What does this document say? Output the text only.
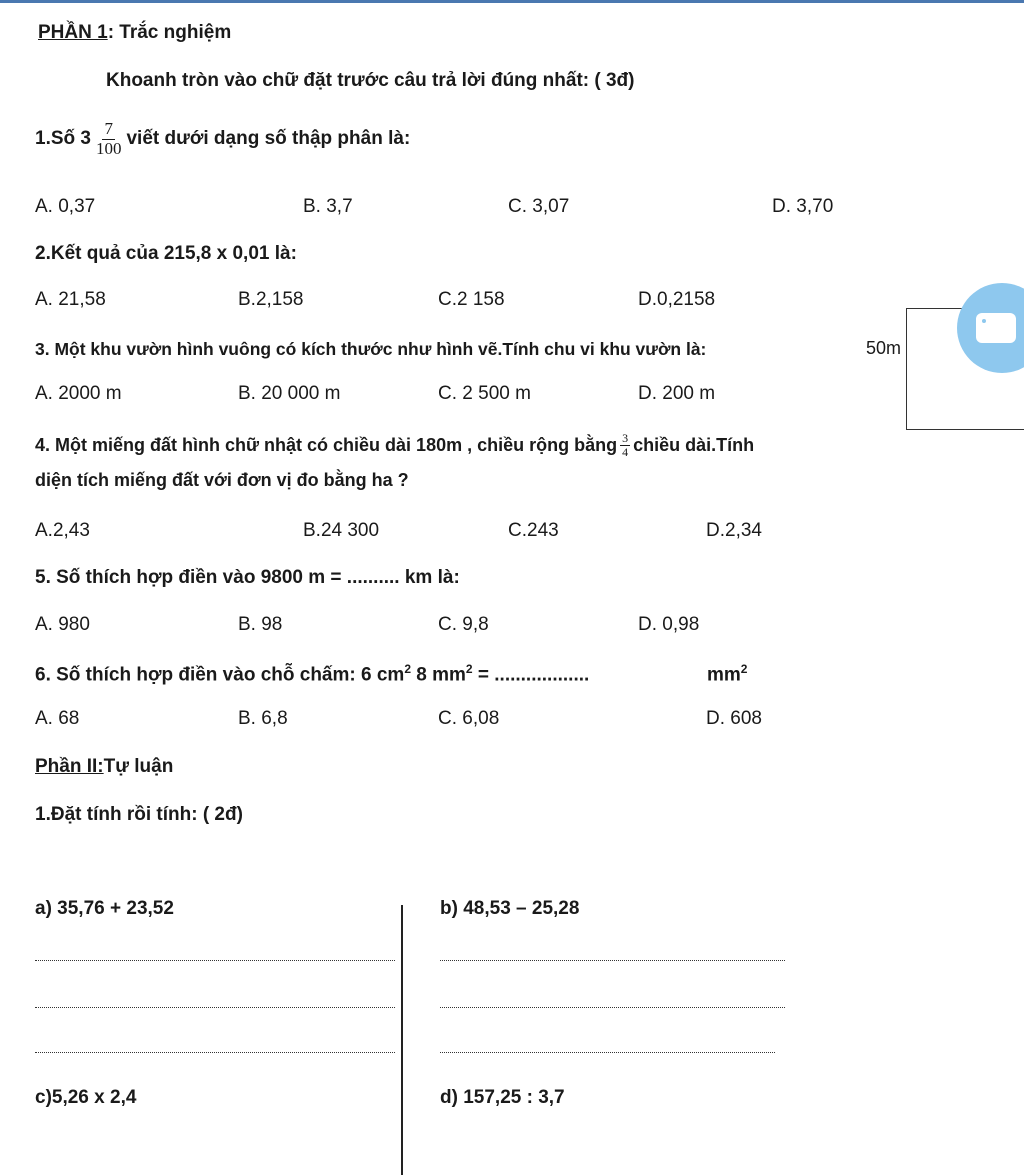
PHẦN 1: Trắc nghiệm
Khoanh tròn vào chữ đặt trước câu trả lời đúng nhất: ( 3đ)
1.Số $3 \frac{7}{100}$ viết dưới dạng số thập phân là:
A. 0,37	B. 3,7	C. 3,07	D. 3,70
2.Kết quả của 215,8 x 0,01 là:
A. 21,58	B.2,158	C.2 158	D.0,2158
3. Một khu vườn hình vuông có kích thước như hình vẽ.Tính chu vi khu vườn là:	50m
A. 2000 m	B. 20 000 m	C. 2 500 m	D. 200 m
4. Một miếng đất hình chữ nhật có chiều dài 180m , chiều rộng bằng $\frac{3}{4}$ chiều dài.Tính
diện tích miếng đất với đơn vị đo bằng ha ?
A.2,43	B.24 300	C.243	D.2,34
5. Số thích hợp điền vào 9800 m = .......... km là:
A. 980	B. 98	C. 9,8	D. 0,98
6. Số thích hợp điền vào chỗ chấm: 6 $cm^2$ 8 $mm^2$ = ..................	$mm^2$
A. 68	B. 6,8	C. 6,08	D. 608
Phần II:Tự luận
1.Đặt tính rồi tính: ( 2đ)
a) 35,76 + 23,52	b) 48,53 – 25,28
c)5,26 x 2,4	d) 157,25 : 3,7
